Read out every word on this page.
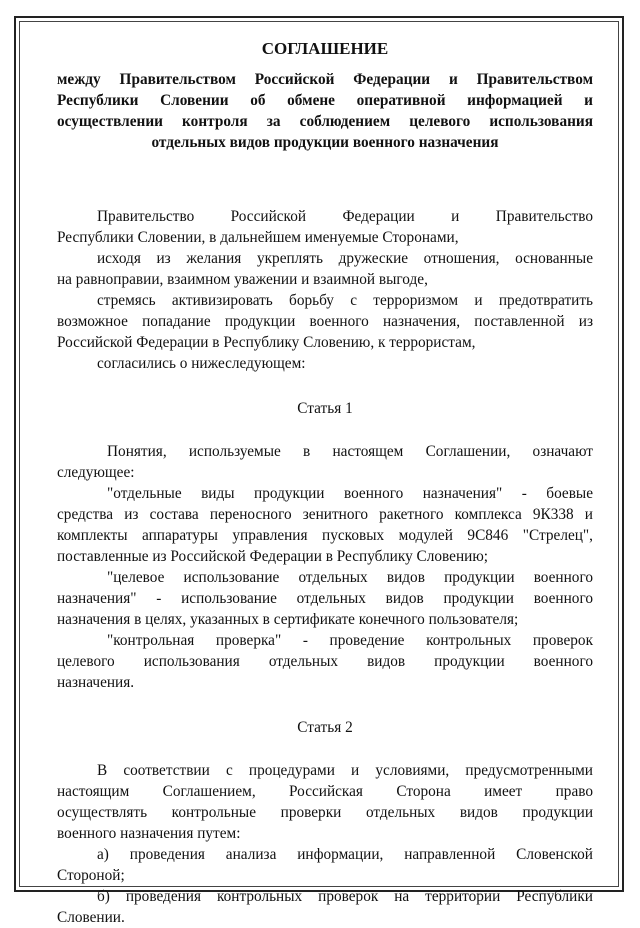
СОГЛАШЕНИЕ

между Правительством Российской Федерации и Правительством

Республики Словении об обмене оперативной информацией и

осуществлении контроля за соблюдением целевого использования

отдельных видов продукции военного назначения

Правительство Российской Федерации и Правительство

Республики Словении, в дальнейшем именуемые Сторонами,

исходя из желания укреплять дружеские отношения, основанные

на равноправии, взаимном уважении и взаимной выгоде,

стремясь активизировать борьбу с терроризмом и предотвратить

возможное попадание продукции военного назначения, поставленной из

Российской Федерации в Республику Словению, к террористам,

согласились о нижеследующем:

Статья 1

Понятия, используемые в настоящем Соглашении, означают

следующее:

"отдельные виды продукции военного назначения" - боевые

средства из состава переносного зенитного ракетного комплекса 9К338 и

комплекты аппаратуры управления пусковых модулей 9С846 "Стрелец",

поставленные из Российской Федерации в Республику Словению;

"целевое использование отдельных видов продукции военного

назначения" - использование отдельных видов продукции военного

назначения в целях, указанных в сертификате конечного пользователя;

"контрольная проверка" - проведение контрольных проверок

целевого использования отдельных видов продукции военного

назначения.

Статья 2

В соответствии с процедурами и условиями, предусмотренными

настоящим Соглашением, Российская Сторона имеет право

осуществлять контрольные проверки отдельных видов продукции

военного назначения путем:

а) проведения анализа информации, направленной Словенской

Стороной;

б) проведения контрольных проверок на территории Республики

Словении.
